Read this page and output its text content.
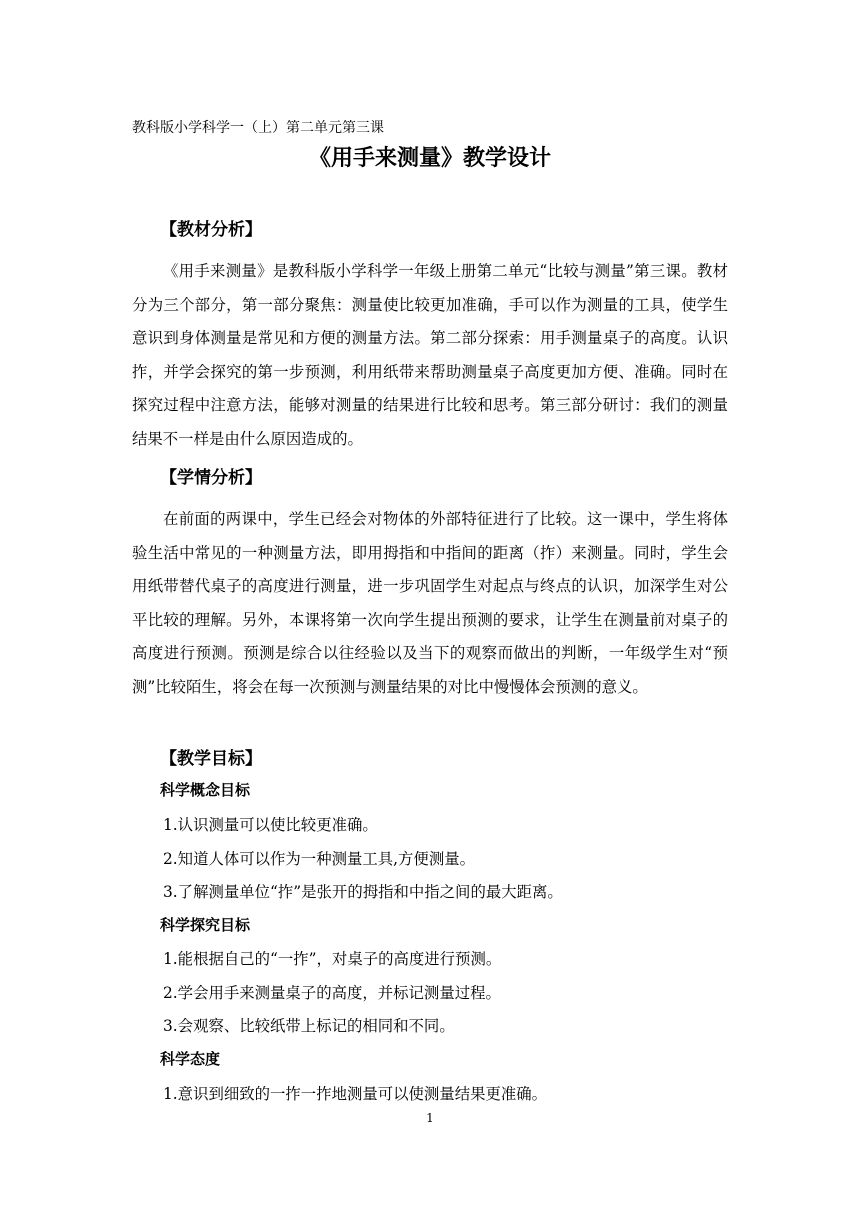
教科版小学科学一（上）第二单元第三课
《用手来测量》教学设计
【教材分析】
《用手来测量》是教科版小学科学一年级上册第二单元“比较与测量”第三课。教材分为三个部分，第一部分聚焦：测量使比较更加准确，手可以作为测量的工具，使学生意识到身体测量是常见和方便的测量方法。第二部分探索：用手测量桌子的高度。认识拃，并学会探究的第一步预测，利用纸带来帮助测量桌子高度更加方便、准确。同时在探究过程中注意方法，能够对测量的结果进行比较和思考。第三部分研讨：我们的测量结果不一样是由什么原因造成的。
【学情分析】
在前面的两课中，学生已经会对物体的外部特征进行了比较。这一课中，学生将体验生活中常见的一种测量方法，即用拇指和中指间的距离（拃）来测量。同时，学生会用纸带替代桌子的高度进行测量，进一步巩固学生对起点与终点的认识，加深学生对公平比较的理解。另外，本课将第一次向学生提出预测的要求，让学生在测量前对桌子的高度进行预测。预测是综合以往经验以及当下的观察而做出的判断，一年级学生对“预测”比较陌生，将会在每一次预测与测量结果的对比中慢慢体会预测的意义。
【教学目标】
科学概念目标
1.认识测量可以使比较更准确。
2.知道人体可以作为一种测量工具,方便测量。
3.了解测量单位“拃”是张开的拇指和中指之间的最大距离。
科学探究目标
1.能根据自己的“一拃”，对桌子的高度进行预测。
2.学会用手来测量桌子的高度，并标记测量过程。
3.会观察、比较纸带上标记的相同和不同。
科学态度
1.意识到细致的一拃一拃地测量可以使测量结果更准确。
1
